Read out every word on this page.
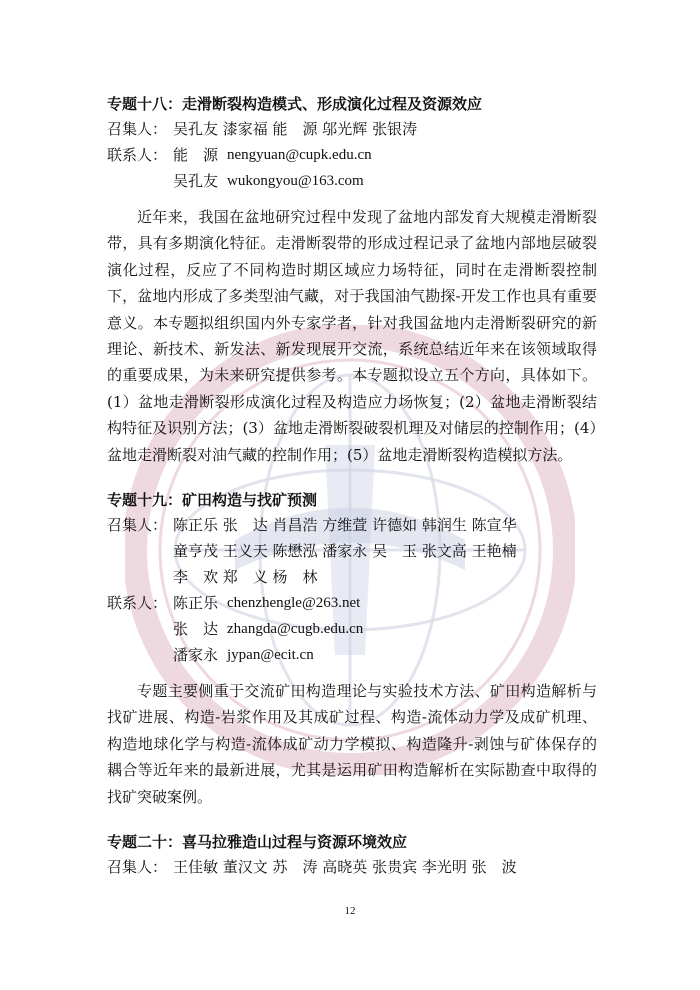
专题十八：走滑断裂构造模式、形成演化过程及资源效应
召集人： 吴孔友 漆家福 能　源 邬光辉 张银涛
联系人： 能　源 nengyuan@cupk.edu.cn
吴孔友 wukongyou@163.com

近年来，我国在盆地研究过程中发现了盆地内部发育大规模走滑断裂带，具有多期演化特征。走滑断裂带的形成过程记录了盆地内部地层破裂演化过程，反应了不同构造时期区域应力场特征，同时在走滑断裂控制下，盆地内形成了多类型油气藏，对于我国油气勘探-开发工作也具有重要意义。本专题拟组织国内外专家学者，针对我国盆地内走滑断裂研究的新理论、新技术、新发法、新发现展开交流，系统总结近年来在该领域取得的重要成果，为未来研究提供参考。本专题拟设立五个方向，具体如下。(1）盆地走滑断裂形成演化过程及构造应力场恢复；(2）盆地走滑断裂结构特征及识别方法；(3）盆地走滑断裂破裂机理及对储层的控制作用；(4）盆地走滑断裂对油气藏的控制作用；(5）盆地走滑断裂构造模拟方法。

专题十九：矿田构造与找矿预测
召集人： 陈正乐 张　达 肖昌浩 方维萱 许德如 韩润生 陈宣华
童亨茂 王义天 陈懋泓 潘家永 吴　玉 张文高 王艳楠
李　欢 郑　义 杨　林
联系人： 陈正乐 chenzhengle@263.net
张　达 zhangda@cugb.edu.cn
潘家永 jypan@ecit.cn

专题主要侧重于交流矿田构造理论与实验技术方法、矿田构造解析与找矿进展、构造-岩浆作用及其成矿过程、构造-流体动力学及成矿机理、构造地球化学与构造-流体成矿动力学模拟、构造隆升-剥蚀与矿体保存的耦合等近年来的最新进展，尤其是运用矿田构造解析在实际勘查中取得的找矿突破案例。

专题二十：喜马拉雅造山过程与资源环境效应
召集人： 王佳敏 董汉文 苏　涛 高晓英 张贵宾 李光明 张　波
12
